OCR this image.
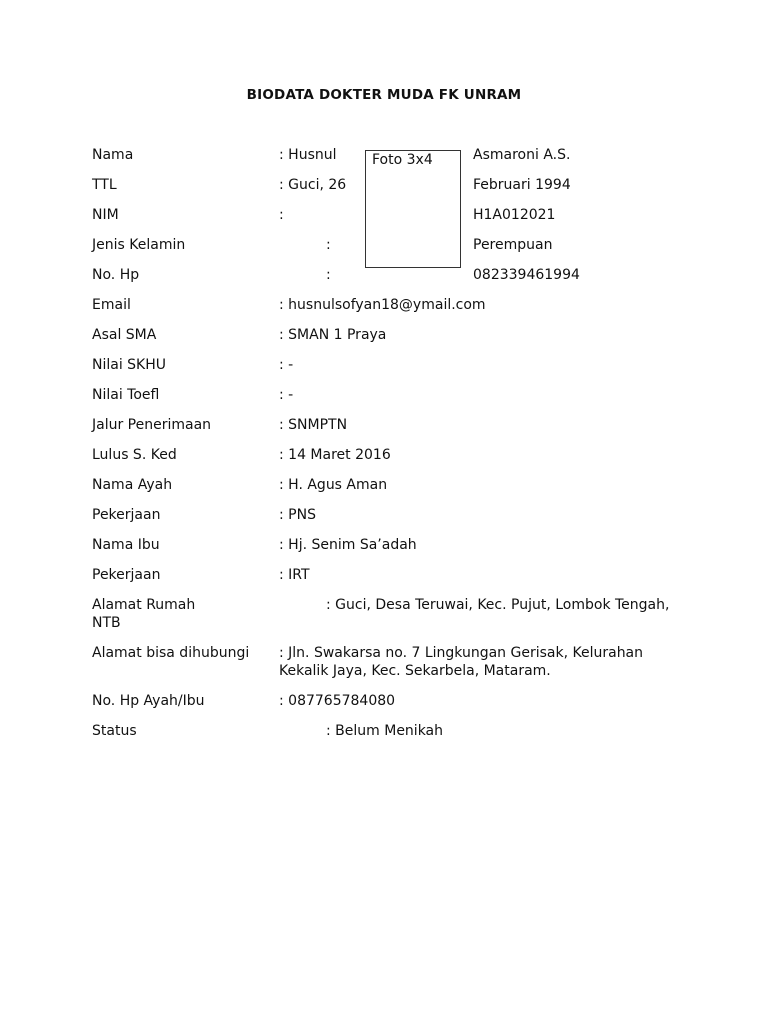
BIODATA DOKTER MUDA FK UNRAM
Foto 3x4
Nama	: Husnul	Asmaroni A.S.
TTL	: Guci, 26	Februari 1994
NIM	:	H1A012021
Jenis Kelamin	:	Perempuan
No. Hp	:	082339461994
Email	: husnulsofyan18@ymail.com
Asal SMA	: SMAN 1 Praya
Nilai SKHU	: -
Nilai Toefl	: -
Jalur Penerimaan	: SNMPTN
Lulus S. Ked	: 14 Maret 2016
Nama Ayah	: H. Agus Aman
Pekerjaan	: PNS
Nama Ibu	: Hj. Senim Sa’adah
Pekerjaan	: IRT
Alamat Rumah	: Guci, Desa Teruwai, Kec. Pujut, Lombok Tengah,
NTB
Alamat bisa dihubungi : Jln. Swakarsa no. 7 Lingkungan Gerisak, Kelurahan
Kekalik Jaya, Kec. Sekarbela, Mataram.
No. Hp Ayah/Ibu	: 087765784080
Status	: Belum Menikah
